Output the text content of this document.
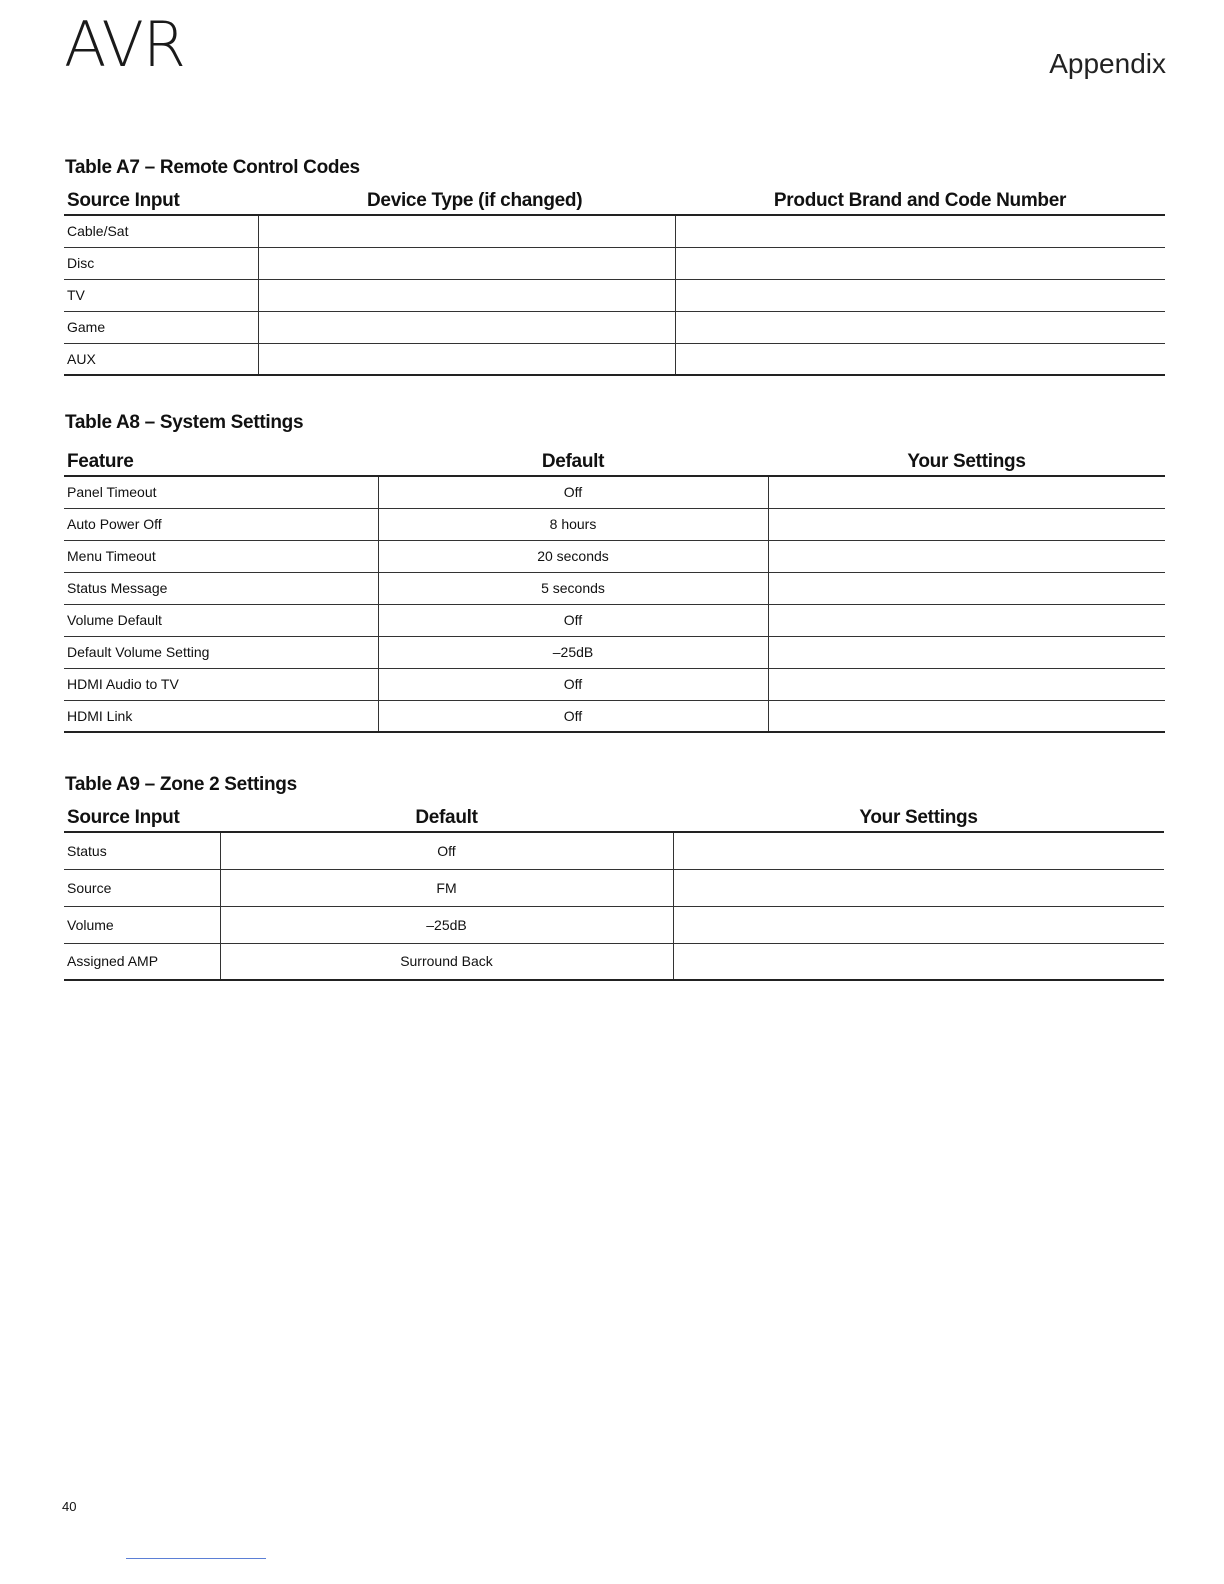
AVR	Appendix
Table A7 – Remote Control Codes
Source Input	Device Type (if changed)	Product Brand and Code Number
Cable/Sat		
Disc		
TV		
Game		
AUX		
Table A8 – System Settings
Feature	Default	Your Settings
Panel Timeout	Off	
Auto Power Off	8 hours	
Menu Timeout	20 seconds	
Status Message	5 seconds	
Volume Default	Off	
Default Volume Setting	–25dB	
HDMI Audio to TV	Off	
HDMI Link	Off	
Table A9 – Zone 2 Settings
Source Input	Default	Your Settings
Status	Off	
Source	FM	
Volume	–25dB	
Assigned AMP	Surround Back	
40
